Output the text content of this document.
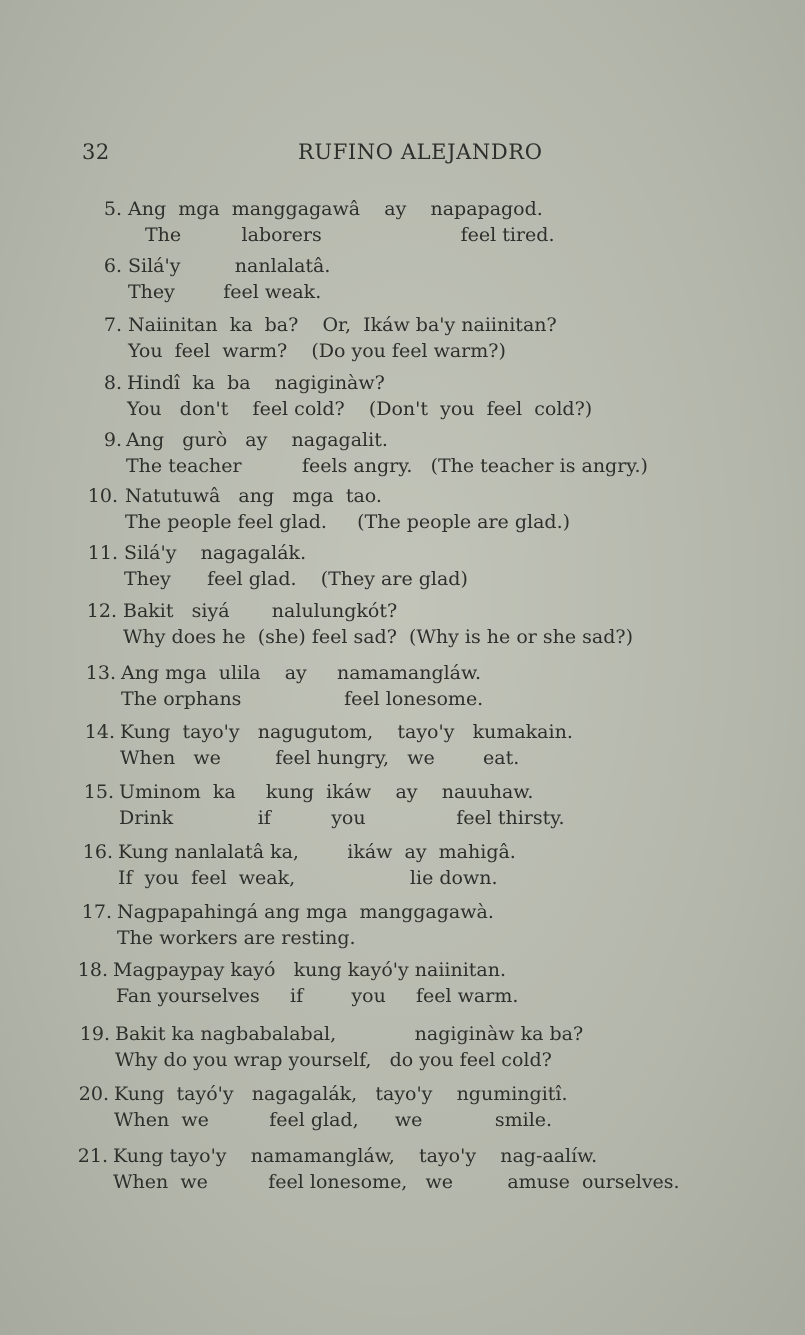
32	RUFINO ALEJANDRO
5. Ang  mga  manggagawâ    ay    napapagod.
The          laborers                       feel tired.
6. Silá'y         nanlalatâ.
They        feel weak.
7. Naiinitan  ka  ba?    Or,  Ikáw ba'y naiinitan?
You  feel  warm?    (Do you feel warm?)
8. Hindî  ka  ba    nagiginàw?
You   don't    feel cold?    (Don't  you  feel  cold?)
9. Ang   gurò   ay    nagagalit.
The teacher          feels angry.   (The teacher is angry.)
10. Natutuwâ   ang   mga  tao.
The people feel glad.     (The people are glad.)
11. Silá'y    nagagalák.
They      feel glad.    (They are glad)
12. Bakit   siyá       nalulungkót?
Why does he  (she) feel sad?  (Why is he or she sad?)
13. Ang mga  ulila    ay     namamangláw.
The orphans                 feel lonesome.
14. Kung  tayo'y   nagugutom,    tayo'y   kumakain.
When   we         feel hungry,   we        eat.
15. Uminom  ka     kung  ikáw    ay    nauuhaw.
Drink              if          you               feel thirsty.
16. Kung nanlalatâ ka,        ikáw  ay  mahigâ.
If  you  feel  weak,                   lie down.
17. Nagpapahingá ang mga  manggagawà.
The workers are resting.
18. Magpaypay kayó   kung kayó'y naiinitan.
Fan yourselves     if        you     feel warm.
19. Bakit ka nagbabalabal,             nagiginàw ka ba?
Why do you wrap yourself,   do you feel cold?
20. Kung  tayó'y   nagagalák,   tayo'y    ngumingitî.
When  we          feel glad,      we            smile.
21. Kung tayo'y    namamangláw,    tayo'y    nag-aalíw.
When  we          feel lonesome,   we         amuse  ourselves.
